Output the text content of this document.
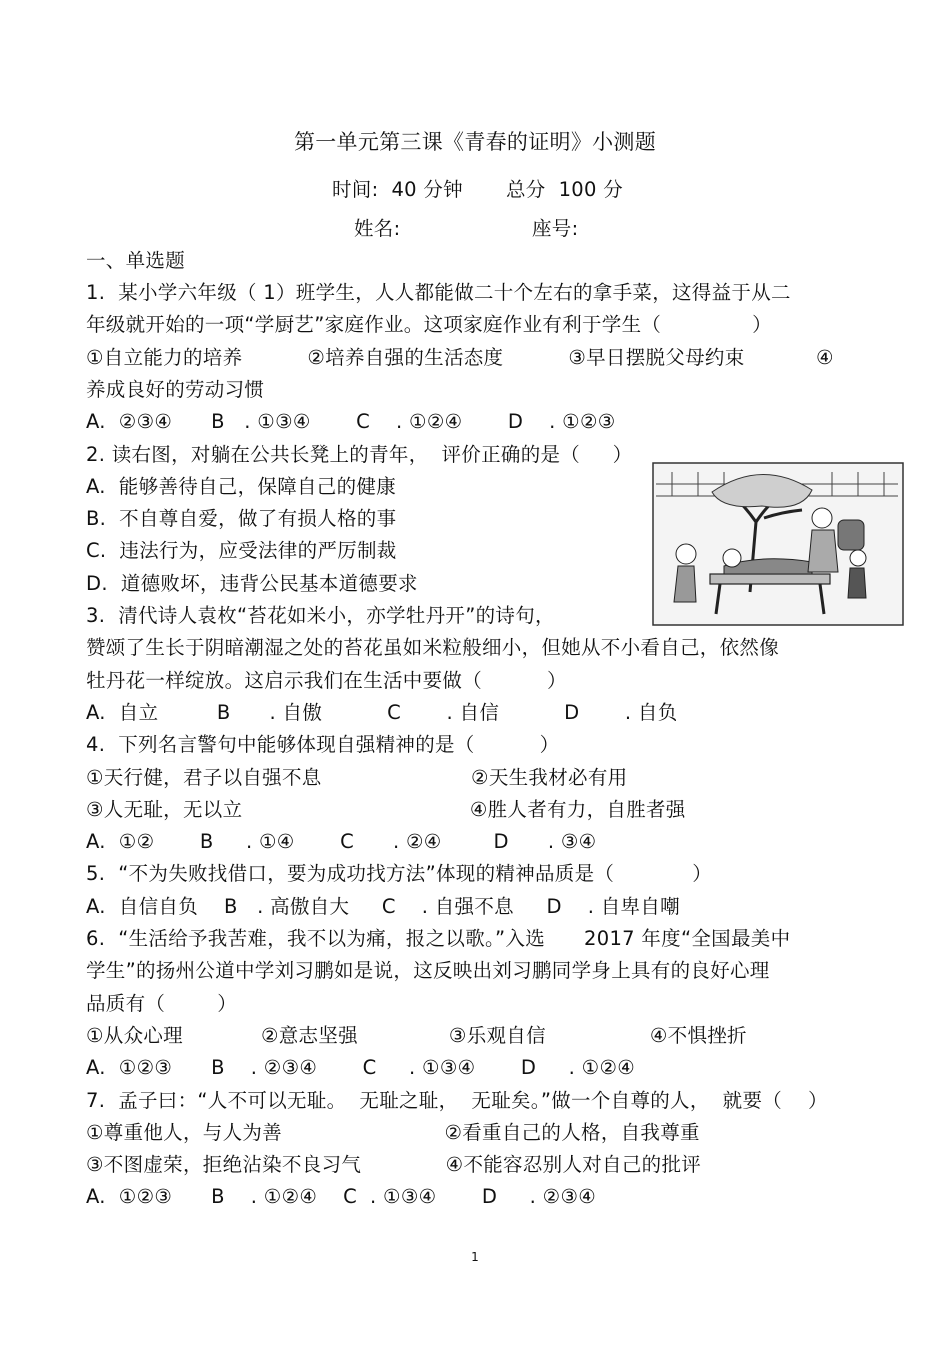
第一单元第三课《青春的证明》小测题
时间:  40 分钟 总分  100 分
姓名:	座号:
一、单选题
1.  某小学六年级（ 1）班学生，人人都能做二十个左右的拿手菜，这得益于从二
年级就开始的一项“学厨艺”家庭作业。这项家庭作业有利于学生（              ）
①自立能力的培养          ②培养自强的生活态度          ③早日摆脱父母约束           ④
养成良好的劳动习惯
A.  ②③④      B   . ①③④       C    . ①②④       D    . ①②③
2. 读右图，对躺在公共长凳上的青年，  评价正确的是（     ）
A.  能够善待自己，保障自己的健康
B.  不自尊自爱，做了有损人格的事
C.  违法行为，应受法律的严厉制裁
D.  道德败坏，违背公民基本道德要求
3.  清代诗人袁枚“苔花如米小，亦学牡丹开”的诗句，
赞颂了生长于阴暗潮湿之处的苔花虽如米粒般细小，但她从不小看自己，依然像
牡丹花一样绽放。这启示我们在生活中要做（          ）
A.  自立         B      . 自傲          C       . 自信          D       . 自负
4.  下列名言警句中能够体现自强精神的是（          ）
①天行健，君子以自强不息                       ②天生我材必有用
③人无耻，无以立                                   ④胜人者有力，自胜者强
A.  ①②       B     . ①④       C      . ②④        D      . ③④
5.  “不为失败找借口，要为成功找方法”体现的精神品质是（            ）
A.  自信自负    B   . 高傲自大     C    . 自强不息     D    . 自卑自嘲
6.  “生活给予我苦难，我不以为痛，报之以歌。”入选      2017 年度“全国最美中
学生”的扬州公道中学刘习鹏如是说，这反映出刘习鹏同学身上具有的良好心理
品质有（        ）
①从众心理            ②意志坚强              ③乐观自信                ④不惧挫折
A.  ①②③      B    . ②③④       C     . ①③④       D     . ①②④
7.  孟子曰：“人不可以无耻。  无耻之耻，  无耻矣。”做一个自尊的人，  就要（    ）
①尊重他人，与人为善                         ②看重自己的人格，自我尊重
③不图虚荣，拒绝沾染不良习气             ④不能容忍别人对自己的批评
A.  ①②③      B    . ①②④    C  . ①③④       D     . ②③④
1
